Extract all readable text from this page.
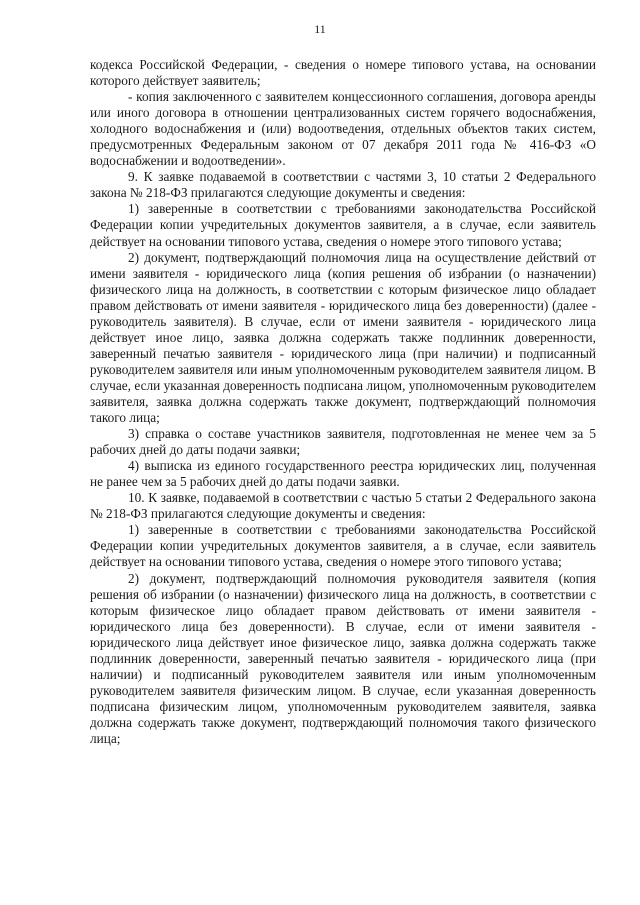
11

кодекса Российской Федерации, - сведения о номере типового устава, на основании которого действует заявитель;

- копия заключенного с заявителем концессионного соглашения, договора аренды или иного договора в отношении централизованных систем горячего водоснабжения, холодного водоснабжения и (или) водоотведения, отдельных объектов таких систем, предусмотренных Федеральным законом от 07 декабря 2011 года № 416-ФЗ «О водоснабжении и водоотведении».

9. К заявке подаваемой в соответствии с частями 3, 10 статьи 2 Федерального закона № 218-ФЗ прилагаются следующие документы и сведения:

1) заверенные в соответствии с требованиями законодательства Российской Федерации копии учредительных документов заявителя, а в случае, если заявитель действует на основании типового устава, сведения о номере этого типового устава;

2) документ, подтверждающий полномочия лица на осуществление действий от имени заявителя - юридического лица (копия решения об избрании (о назначении) физического лица на должность, в соответствии с которым физическое лицо обладает правом действовать от имени заявителя - юридического лица без доверенности) (далее - руководитель заявителя). В случае, если от имени заявителя - юридического лица действует иное лицо, заявка должна содержать также подлинник доверенности, заверенный печатью заявителя - юридического лица (при наличии) и подписанный руководителем заявителя или иным уполномоченным руководителем заявителя лицом. В случае, если указанная доверенность подписана лицом, уполномоченным руководителем заявителя, заявка должна содержать также документ, подтверждающий полномочия такого лица;

3) справка о составе участников заявителя, подготовленная не менее чем за 5 рабочих дней до даты подачи заявки;

4) выписка из единого государственного реестра юридических лиц, полученная не ранее чем за 5 рабочих дней до даты подачи заявки.

10. К заявке, подаваемой в соответствии с частью 5 статьи 2 Федерального закона № 218-ФЗ прилагаются следующие документы и сведения:

1) заверенные в соответствии с требованиями законодательства Российской Федерации копии учредительных документов заявителя, а в случае, если заявитель действует на основании типового устава, сведения о номере этого типового устава;

2) документ, подтверждающий полномочия руководителя заявителя (копия решения об избрании (о назначении) физического лица на должность, в соответствии с которым физическое лицо обладает правом действовать от имени заявителя - юридического лица без доверенности). В случае, если от имени заявителя - юридического лица действует иное физическое лицо, заявка должна содержать также подлинник доверенности, заверенный печатью заявителя - юридического лица (при наличии) и подписанный руководителем заявителя или иным уполномоченным руководителем заявителя физическим лицом. В случае, если указанная доверенность подписана физическим лицом, уполномоченным руководителем заявителя, заявка должна содержать также документ, подтверждающий полномочия такого физического лица;
